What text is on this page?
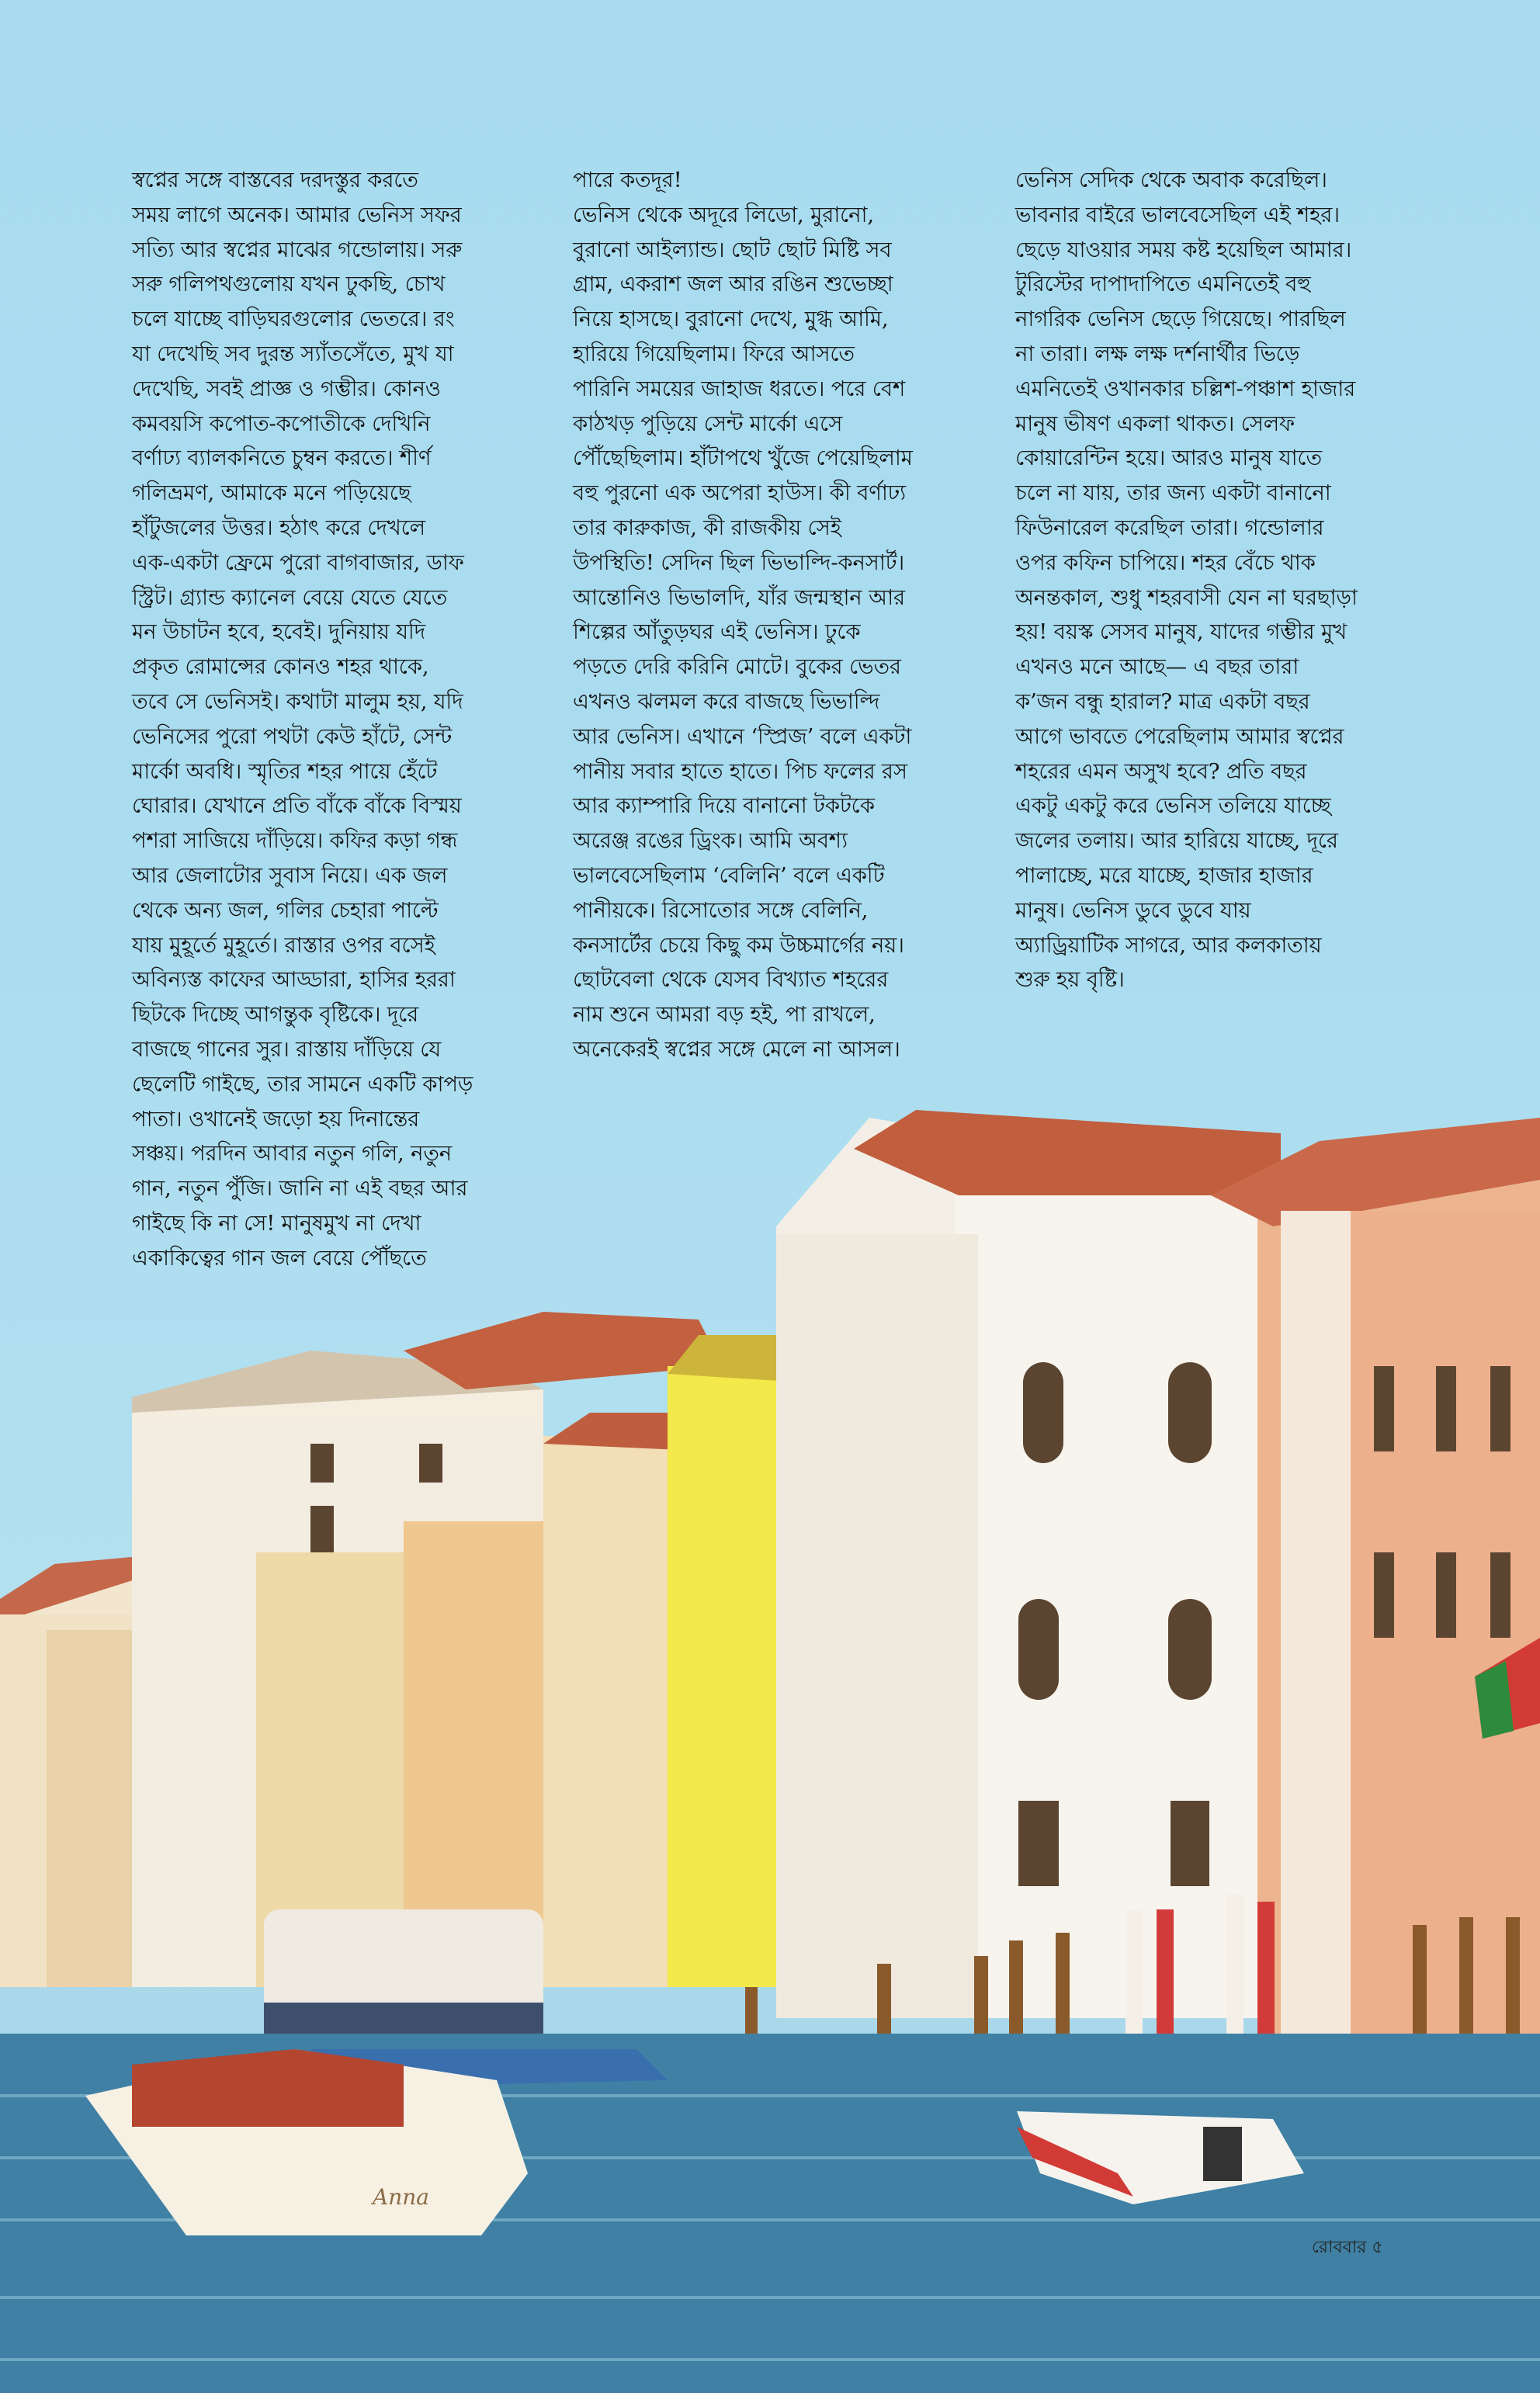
Anna
স্বপ্নের সঙ্গে বাস্তবের দরদস্তুর করতে
সময় লাগে অনেক। আমার ভেনিস সফর
সত্যি আর স্বপ্নের মাঝের গন্ডোলায়। সরু
সরু গলিপথগুলোয় যখন ঢুকছি, চোখ
চলে যাচ্ছে বাড়িঘরগুলোর ভেতরে। রং
যা দেখেছি সব দুরন্ত স্যাঁতসেঁতে, মুখ যা
দেখেছি, সবই প্রাজ্ঞ ও গম্ভীর। কোনও
কমবয়সি কপোত-কপোতীকে দেখিনি
বর্ণাঢ্য ব্যালকনিতে চুম্বন করতে। শীর্ণ
গলিভ্রমণ, আমাকে মনে পড়িয়েছে
হাঁটুজলের উত্তর। হঠাৎ করে দেখলে
এক-একটা ফ্রেমে পুরো বাগবাজার, ডাফ
স্ট্রিট। গ্র্যান্ড ক্যানেল বেয়ে যেতে যেতে
মন উচাটন হবে, হবেই। দুনিয়ায় যদি
প্রকৃত রোমান্সের কোনও শহর থাকে,
তবে সে ভেনিসই। কথাটা মালুম হয়, যদি
ভেনিসের পুরো পথটা কেউ হাঁটে, সেন্ট
মার্কো অবধি। স্মৃতির শহর পায়ে হেঁটে
ঘোরার। যেখানে প্রতি বাঁকে বাঁকে বিস্ময়
পশরা সাজিয়ে দাঁড়িয়ে। কফির কড়া গন্ধ
আর জেলাটোর সুবাস নিয়ে। এক জল
থেকে অন্য জল, গলির চেহারা পাল্টে
যায় মুহূর্তে মুহূর্তে। রাস্তার ওপর বসেই
অবিন্যস্ত কাফের আড্ডারা, হাসির হররা
ছিটকে দিচ্ছে আগন্তুক বৃষ্টিকে। দূরে
বাজছে গানের সুর। রাস্তায় দাঁড়িয়ে যে
ছেলেটি গাইছে, তার সামনে একটি কাপড়
পাতা। ওখানেই জড়ো হয় দিনান্তের
সঞ্চয়। পরদিন আবার নতুন গলি, নতুন
গান, নতুন পুঁজি। জানি না এই বছর আর
গাইছে কি না সে! মানুষমুখ না দেখা
একাকিত্বের গান জল বেয়ে পৌঁছতে
পারে কতদূর!
ভেনিস থেকে অদূরে লিডো, মুরানো,
বুরানো আইল্যান্ড। ছোট ছোট মিষ্টি সব
গ্রাম, একরাশ জল আর রঙিন শুভেচ্ছা
নিয়ে হাসছে। বুরানো দেখে, মুগ্ধ আমি,
হারিয়ে গিয়েছিলাম। ফিরে আসতে
পারিনি সময়ের জাহাজ ধরতে। পরে বেশ
কাঠখড় পুড়িয়ে সেন্ট মার্কো এসে
পৌঁছেছিলাম। হাঁটাপথে খুঁজে পেয়েছিলাম
বহু পুরনো এক অপেরা হাউস। কী বর্ণাঢ্য
তার কারুকাজ, কী রাজকীয় সেই
উপস্থিতি! সেদিন ছিল ভিভাল্দি-কনসার্ট।
আন্তোনিও ভিভালদি, যাঁর জন্মস্থান আর
শিল্পের আঁতুড়ঘর এই ভেনিস। ঢুকে
পড়তে দেরি করিনি মোটে। বুকের ভেতর
এখনও ঝলমল করে বাজছে ভিভাল্দি
আর ভেনিস। এখানে ‘স্প্রিজ’ বলে একটা
পানীয় সবার হাতে হাতে। পিচ ফলের রস
আর ক্যাম্পারি দিয়ে বানানো টকটকে
অরেঞ্জ রঙের ড্রিংক। আমি অবশ্য
ভালবেসেছিলাম ‘বেলিনি’ বলে একটি
পানীয়কে। রিসোতোর সঙ্গে বেলিনি,
কনসার্টের চেয়ে কিছু কম উচ্চমার্গের নয়।
ছোটবেলা থেকে যেসব বিখ্যাত শহরের
নাম শুনে আমরা বড় হই, পা রাখলে,
অনেকেরই স্বপ্নের সঙ্গে মেলে না আসল।
ভেনিস সেদিক থেকে অবাক করেছিল।
ভাবনার বাইরে ভালবেসেছিল এই শহর।
ছেড়ে যাওয়ার সময় কষ্ট হয়েছিল আমার।
টুরিস্টের দাপাদাপিতে এমনিতেই বহু
নাগরিক ভেনিস ছেড়ে গিয়েছে। পারছিল
না তারা। লক্ষ লক্ষ দর্শনার্থীর ভিড়ে
এমনিতেই ওখানকার চল্লিশ-পঞ্চাশ হাজার
মানুষ ভীষণ একলা থাকত। সেলফ
কোয়ারেন্টিন হয়ে। আরও মানুষ যাতে
চলে না যায়, তার জন্য একটা বানানো
ফিউনারেল করেছিল তারা। গন্ডোলার
ওপর কফিন চাপিয়ে। শহর বেঁচে থাক
অনন্তকাল, শুধু শহরবাসী যেন না ঘরছাড়া
হয়! বয়স্ক সেসব মানুষ, যাদের গম্ভীর মুখ
এখনও মনে আছে— এ বছর তারা
ক’জন বন্ধু হারাল? মাত্র একটা বছর
আগে ভাবতে পেরেছিলাম আমার স্বপ্নের
শহরের এমন অসুখ হবে? প্রতি বছর
একটু একটু করে ভেনিস তলিয়ে যাচ্ছে
জলের তলায়। আর হারিয়ে যাচ্ছে, দূরে
পালাচ্ছে, মরে যাচ্ছে, হাজার হাজার
মানুষ। ভেনিস ডুবে ডুবে যায়
অ্যাড্রিয়াটিক সাগরে, আর কলকাতায়
শুরু হয় বৃষ্টি।
রোববার ৫
